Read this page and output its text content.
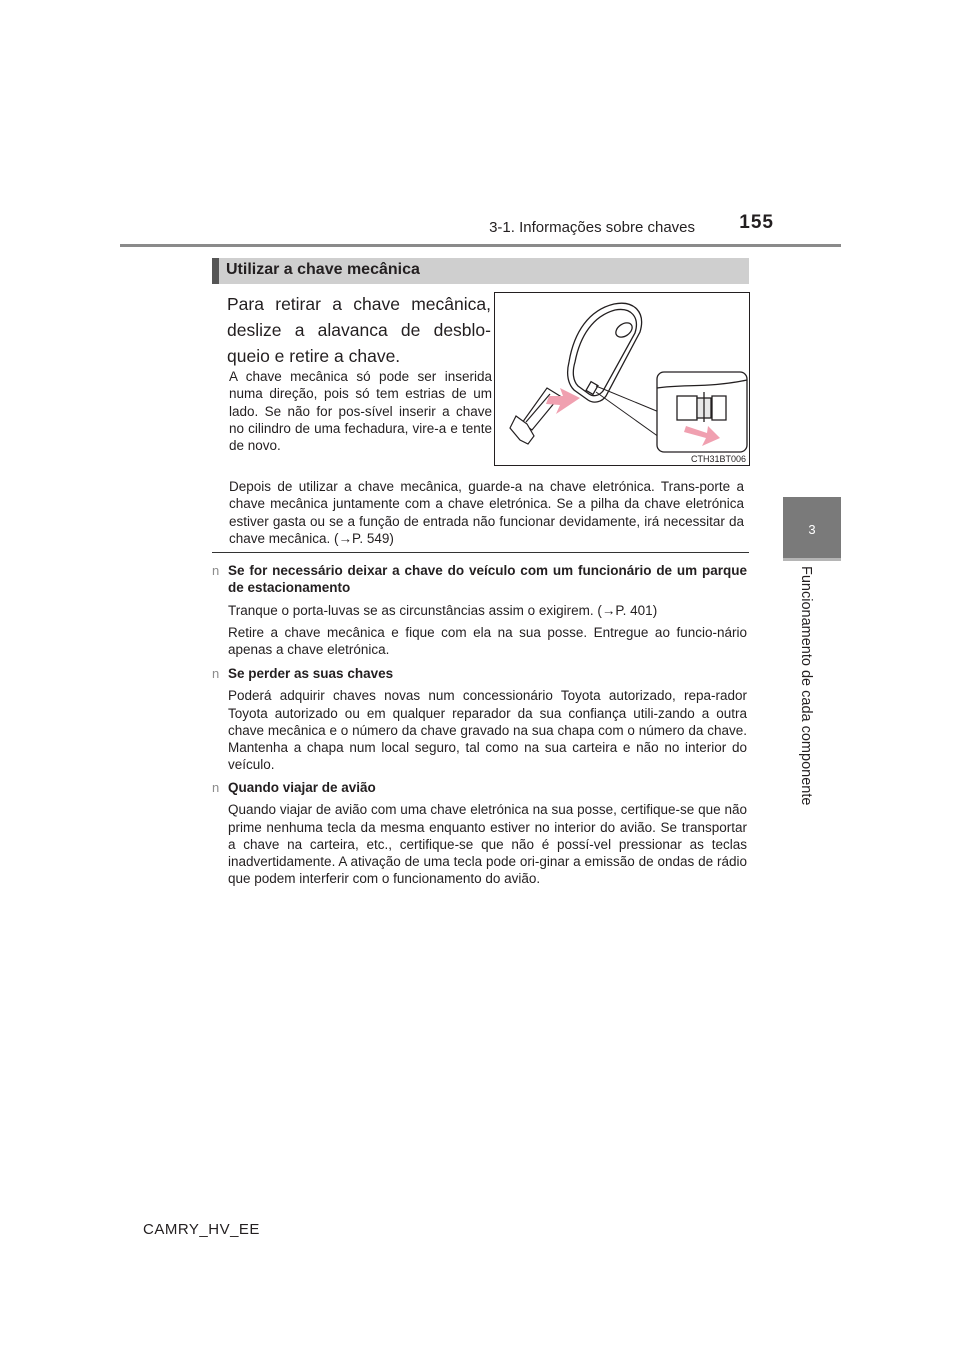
3-1. Informações sobre chaves	155
3
Funcionamento de cada componente
Utilizar a chave mecânica
Para retirar a chave mecânica, deslize a alavanca de desblo-queio e retire a chave.
A chave mecânica só pode ser inserida numa direção, pois só tem estrias de um lado. Se não for pos-sível inserir a chave no cilindro de uma fechadura, vire-a e tente de novo.
Depois de utilizar a chave mecânica, guarde-a na chave eletrónica. Trans-porte a chave mecânica juntamente com a chave eletrónica. Se a pilha da chave eletrónica estiver gasta ou se a função de entrada não funcionar devidamente, irá necessitar da chave mecânica. (→P. 549)
CTH31BT006
n Se for necessário deixar a chave do veículo com um funcionário de um parque de estacionamento

Tranque o porta-luvas se as circunstâncias assim o exigirem. (→P. 401)

Retire a chave mecânica e fique com ela na sua posse. Entregue ao funcio-nário apenas a chave eletrónica.

n Se perder as suas chaves

Poderá adquirir chaves novas num concessionário Toyota autorizado, repa-rador Toyota autorizado ou em qualquer reparador da sua confiança utili-zando a outra chave mecânica e o número da chave gravado na sua chapa com o número da chave. Mantenha a chapa num local seguro, tal como na sua carteira e não no interior do veículo.

n Quando viajar de avião

Quando viajar de avião com uma chave eletrónica na sua posse, certifique-se que não prime nenhuma tecla da mesma enquanto estiver no interior do avião. Se transportar a chave na carteira, etc., certifique-se que não é possí-vel pressionar as teclas inadvertidamente. A ativação de uma tecla pode ori-ginar a emissão de ondas de rádio que podem interferir com o funcionamento do avião.

CAMRY_HV_EE
